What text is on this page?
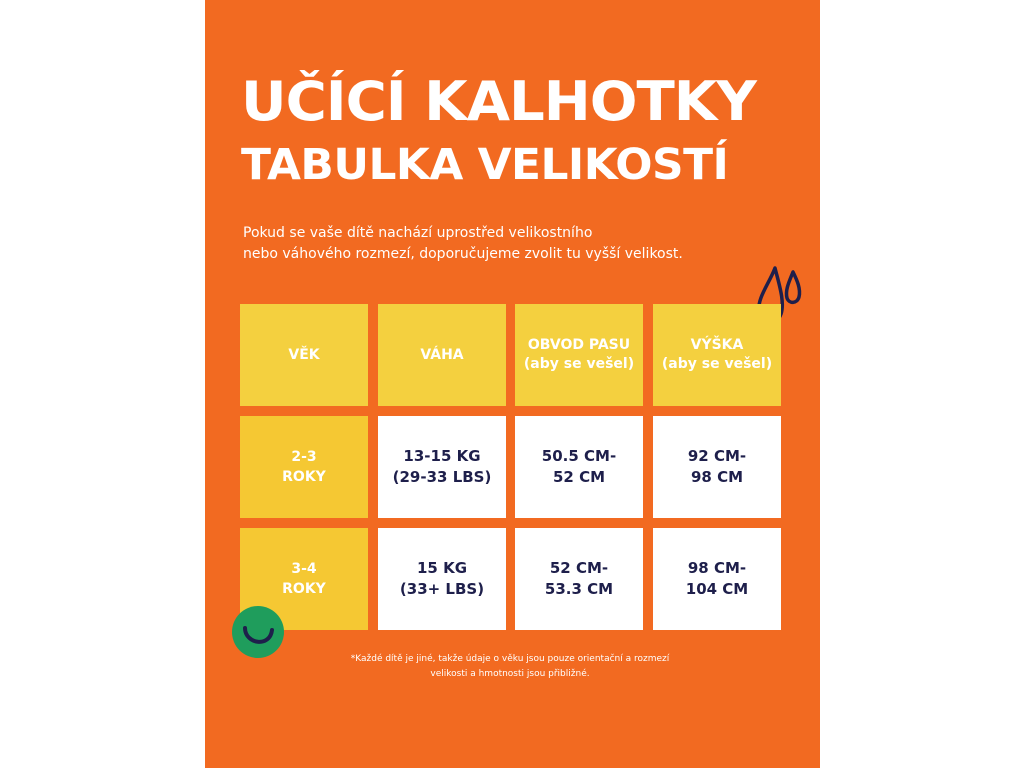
UČÍCÍ KALHOTKY
TABULKA VELIKOSTÍ
Pokud se vaše dítě nachází uprostřed velikostního
nebo váhového rozmezí, doporučujeme zvolit tu vyšší velikost.
VĚK	VÁHA
OBVOD PASU
(aby se vešel)
VÝŠKA
(aby se vešel)
2-3
ROKY
13-15 KG
(29-33 LBS)
50.5 CM-
52 CM
92 CM-
98 CM
3-4
ROKY
15 KG
(33+ LBS)
52 CM-
53.3 CM
98 CM-
104 CM
*Každé dítě je jiné, takže údaje o věku jsou pouze orientační a rozmezí
velikosti a hmotnosti jsou přibližné.
